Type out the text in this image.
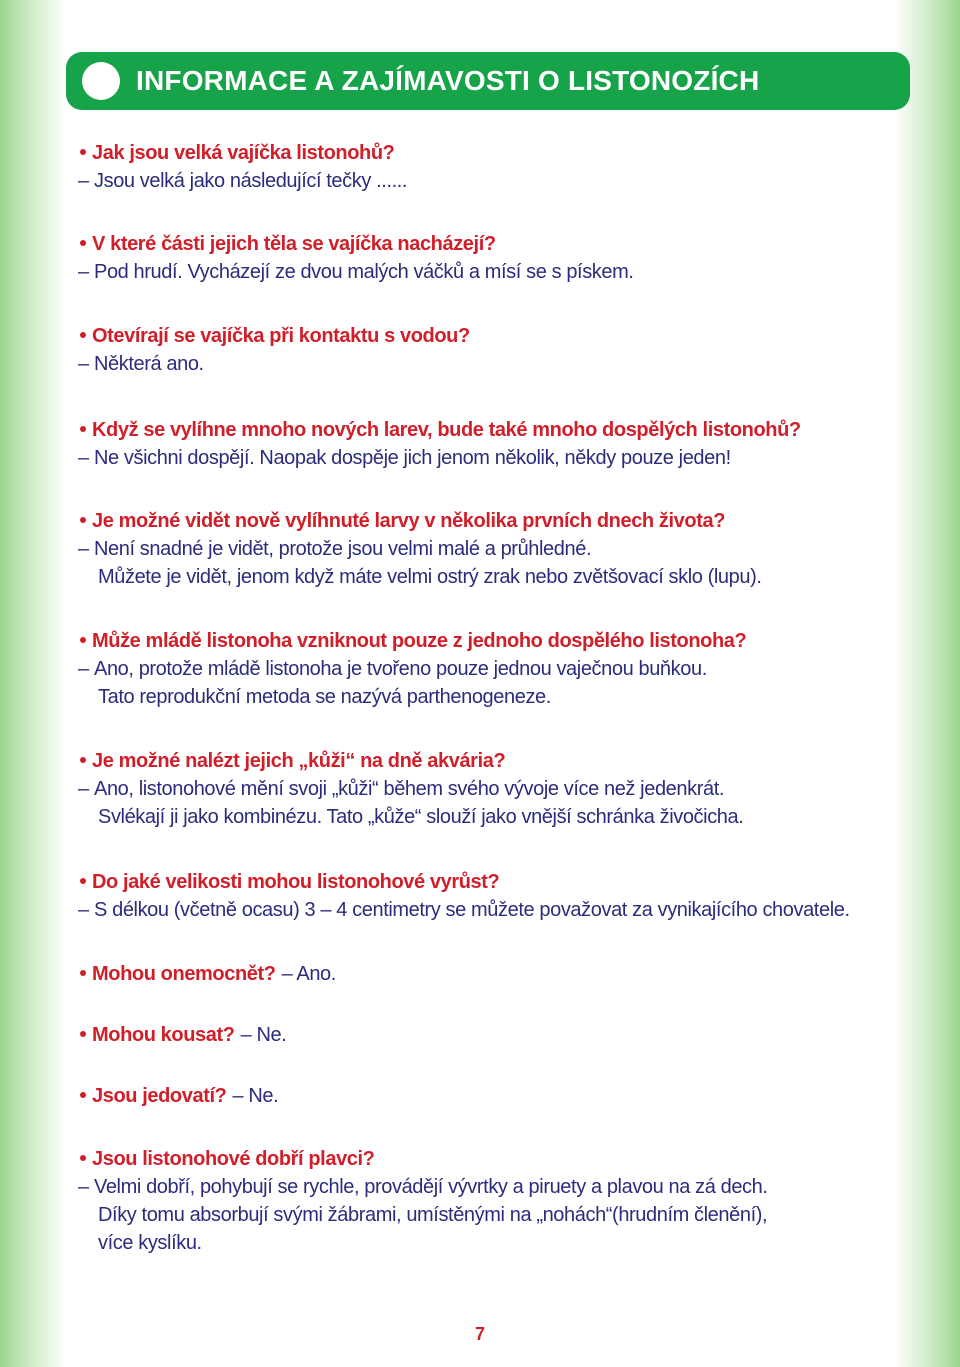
INFORMACE A ZAJÍMAVOSTI O LISTONOZÍCH
Jak jsou velká vajíčka listonohů?
– Jsou velká jako následující tečky ......
V které části jejich těla se vajíčka nacházejí?
– Pod hrudí. Vycházejí ze dvou malých váčků a mísí se s pískem.
Otevírají se vajíčka při kontaktu s vodou?
– Některá ano.
Když se vylíhne mnoho nových larev, bude také mnoho dospělých listonohů?
– Ne všichni dospějí. Naopak dospěje jich jenom několik, někdy pouze jeden!
Je možné vidět nově vylíhnuté larvy v několika prvních dnech života?
– Není snadné je vidět, protože jsou velmi malé a průhledné.
Můžete je vidět, jenom když máte velmi ostrý zrak nebo zvětšovací sklo (lupu).
Může mládě listonoha vzniknout pouze z jednoho dospělého listonoha?
– Ano, protože mládě listonoha je tvořeno pouze jednou vaječnou buňkou.
Tato reprodukční metoda se nazývá parthenogeneze.
Je možné nalézt jejich „kůži“ na dně akvária?
– Ano, listonohové mění svoji „kůži“ během svého vývoje více než jedenkrát.
Svlékají ji jako kombinézu. Tato „kůže“ slouží jako vnější schránka živočicha.
Do jaké velikosti mohou listonohové vyrůst?
– S délkou (včetně ocasu) 3 – 4 centimetry se můžete považovat za vynikajícího chovatele.
Mohou onemocnět? – Ano.
Mohou kousat? – Ne.
Jsou jedovatí? – Ne.
Jsou listonohové dobří plavci?
– Velmi dobří, pohybují se rychle, provádějí vývrtky a piruety a plavou na zá dech.
Díky tomu absorbují svými žábrami, umístěnými na „nohách“(hrudním členění),
více kyslíku.
7
